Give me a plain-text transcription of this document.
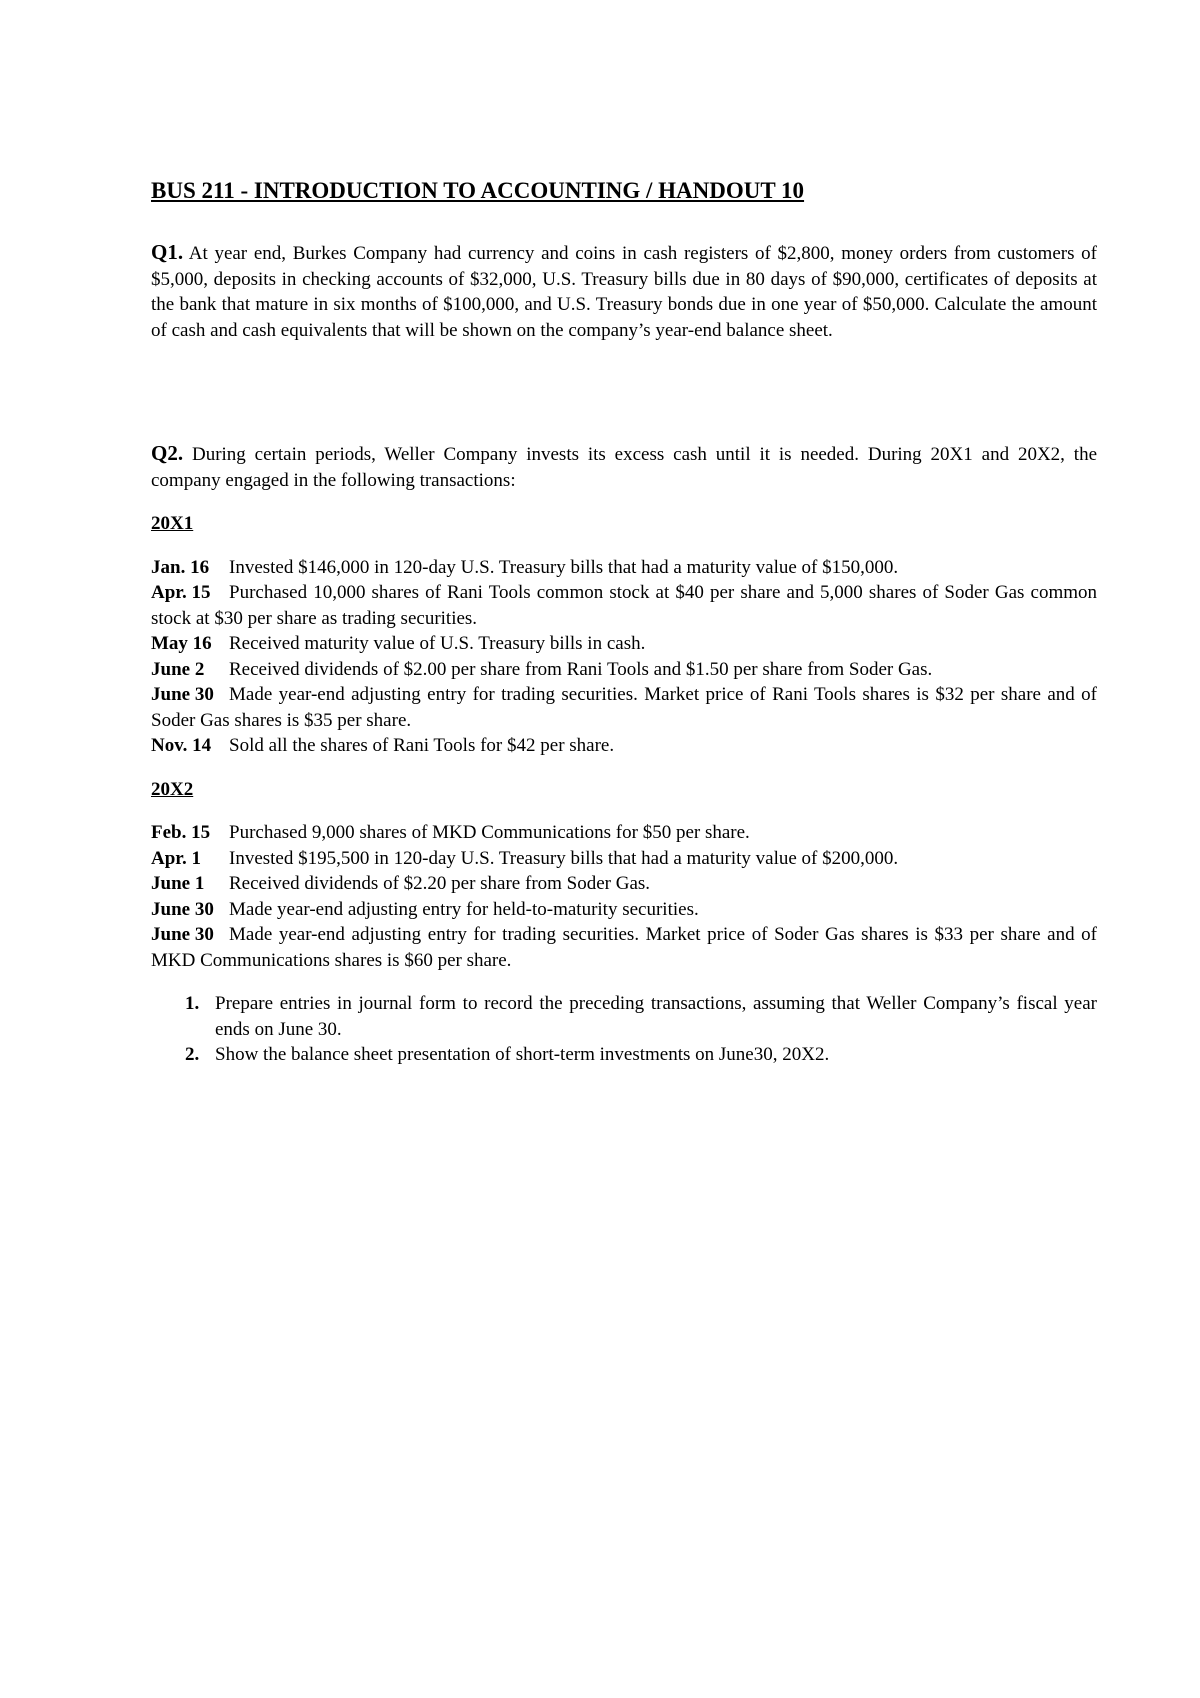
BUS 211 - INTRODUCTION TO ACCOUNTING / HANDOUT 10

Q1. At year end, Burkes Company had currency and coins in cash registers of $2,800, money orders from customers of $5,000, deposits in checking accounts of $32,000, U.S. Treasury bills due in 80 days of $90,000, certificates of deposits at the bank that mature in six months of $100,000, and U.S. Treasury bonds due in one year of $50,000. Calculate the amount of cash and cash equivalents that will be shown on the company’s year-end balance sheet.

Q2. During certain periods, Weller Company invests its excess cash until it is needed. During 20X1 and 20X2, the company engaged in the following transactions:

20X1

Jan. 16 Invested $146,000 in 120-day U.S. Treasury bills that had a maturity value of $150,000.

Apr. 15 Purchased 10,000 shares of Rani Tools common stock at $40 per share and 5,000 shares of Soder Gas common stock at $30 per share as trading securities.

May 16 Received maturity value of U.S. Treasury bills in cash.

June 2 Received dividends of $2.00 per share from Rani Tools and $1.50 per share from Soder Gas.

June 30 Made year-end adjusting entry for trading securities. Market price of Rani Tools shares is $32 per share and of Soder Gas shares is $35 per share.

Nov. 14 Sold all the shares of Rani Tools for $42 per share.

20X2

Feb. 15 Purchased 9,000 shares of MKD Communications for $50 per share.

Apr. 1 Invested $195,500 in 120-day U.S. Treasury bills that had a maturity value of $200,000.

June 1 Received dividends of $2.20 per share from Soder Gas.

June 30 Made year-end adjusting entry for held-to-maturity securities.

June 30 Made year-end adjusting entry for trading securities. Market price of Soder Gas shares is $33 per share and of MKD Communications shares is $60 per share.

1. Prepare entries in journal form to record the preceding transactions, assuming that Weller Company’s fiscal year ends on June 30.
2. Show the balance sheet presentation of short-term investments on June30, 20X2.
